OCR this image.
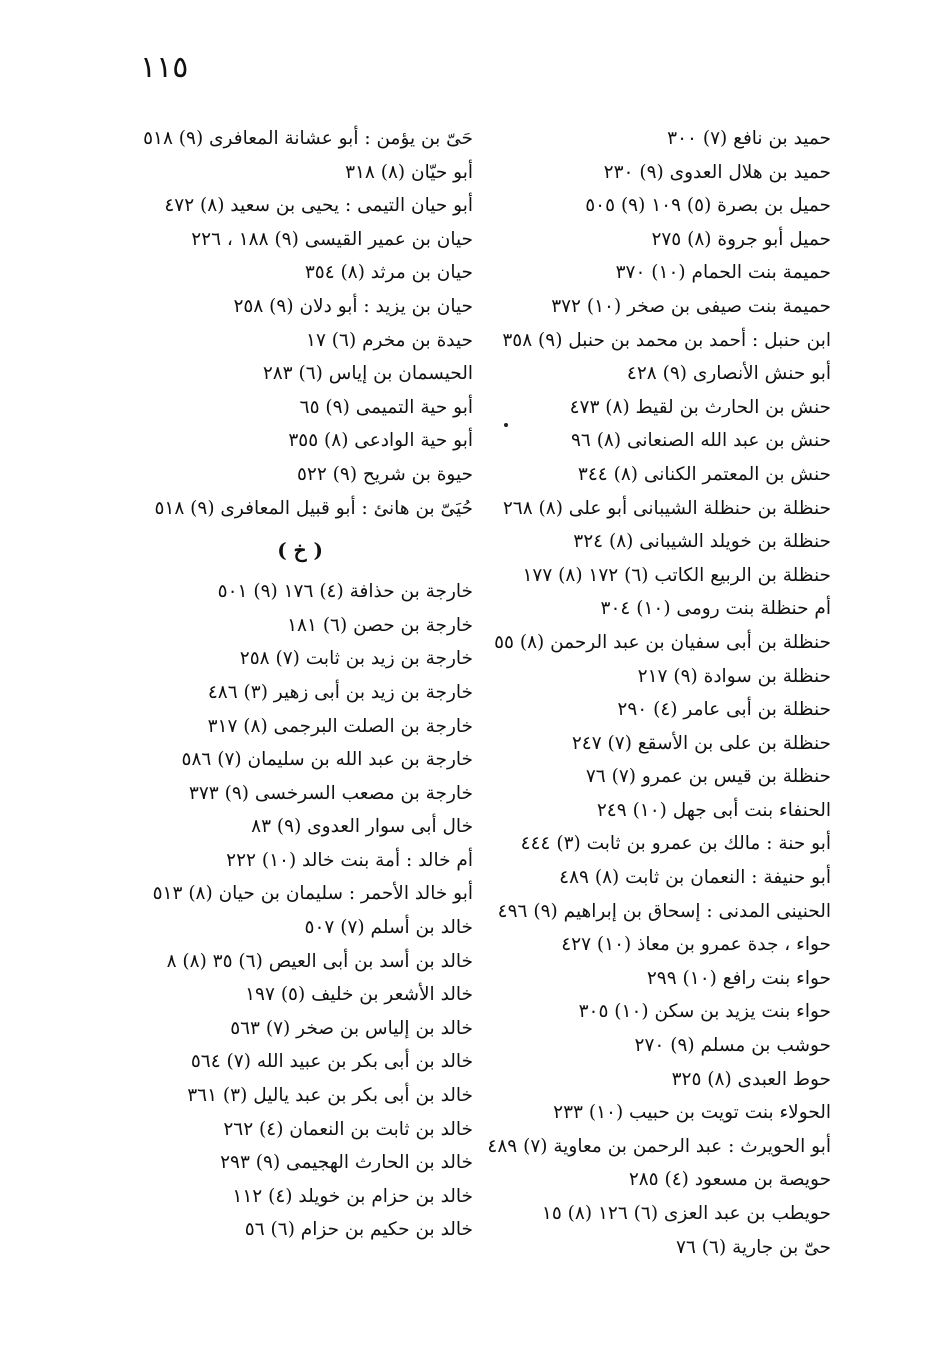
١١٥
حميد بن نافع (٧) ٣٠٠
حميد بن هلال العدوى (٩) ٢٣٠
حميل بن بصرة (٥) ١٠٩ (٩) ٥٠٥
حميل أبو جروة (٨) ٢٧٥
حميمة بنت الحمام (١٠) ٣٧٠
حميمة بنت صيفى بن صخر (١٠) ٣٧٢
ابن حنبل : أحمد بن محمد بن حنبل (٩) ٣٥٨
أبو حنش الأنصارى (٩) ٤٢٨
حنش بن الحارث بن لقيط (٨) ٤٧٣
حنش بن عبد الله الصنعانى (٨) ٩٦
حنش بن المعتمر الكنانى (٨) ٣٤٤
حنظلة بن حنظلة الشيبانى أبو على (٨) ٢٦٨
حنظلة بن خويلد الشيبانى (٨) ٣٢٤
حنظلة بن الربيع الكاتب (٦) ١٧٢ (٨) ١٧٧
أم حنظلة بنت رومى (١٠) ٣٠٤
حنظلة بن أبى سفيان بن عبد الرحمن (٨) ٥٥
حنظلة بن سوادة (٩) ٢١٧
حنظلة بن أبى عامر (٤) ٢٩٠
حنظلة بن على بن الأسقع (٧) ٢٤٧
حنظلة بن قيس بن عمرو (٧) ٧٦
الحنفاء بنت أبى جهل (١٠) ٢٤٩
أبو حنة : مالك بن عمرو بن ثابت (٣) ٤٤٤
أبو حنيفة : النعمان بن ثابت (٨) ٤٨٩
الحنينى المدنى : إسحاق بن إبراهيم (٩) ٤٩٦
حواء ، جدة عمرو بن معاذ (١٠) ٤٢٧
حواء بنت رافع (١٠) ٢٩٩
حواء بنت يزيد بن سكن (١٠) ٣٠٥
حوشب بن مسلم (٩) ٢٧٠
حوط العبدى (٨) ٣٢٥
الحولاء بنت تويت بن حبيب (١٠) ٢٣٣
أبو الحويرث : عبد الرحمن بن معاوية (٧) ٤٨٩
حويصة بن مسعود (٤) ٢٨٥
حويطب بن عبد العزى (٦) ١٢٦ (٨) ١٥
حىّ بن جارية (٦) ٧٦
حَىّ بن يؤمن : أبو عشانة المعافرى (٩) ٥١٨
أبو حيّان (٨) ٣١٨
أبو حيان التيمى : يحيى بن سعيد (٨) ٤٧٢
حيان بن عمير القيسى (٩) ١٨٨ ، ٢٢٦
حيان بن مرثد (٨) ٣٥٤
حيان بن يزيد : أبو دلان (٩) ٢٥٨
حيدة بن مخرم (٦) ١٧
الحيسمان بن إياس (٦) ٢٨٣
أبو حية التميمى (٩) ٦٥
أبو حية الوادعى (٨) ٣٥٥
حيوة بن شريح (٩) ٥٢٢
حُيَىّ بن هانئ : أبو قبيل المعافرى (٩) ٥١٨
( خ )
خارجة بن حذافة (٤) ١٧٦ (٩) ٥٠١
خارجة بن حصن (٦) ١٨١
خارجة بن زيد بن ثابت (٧) ٢٥٨
خارجة بن زيد بن أبى زهير (٣) ٤٨٦
خارجة بن الصلت البرجمى (٨) ٣١٧
خارجة بن عبد الله بن سليمان (٧) ٥٨٦
خارجة بن مصعب السرخسى (٩) ٣٧٣
خال أبى سوار العدوى (٩) ٨٣
أم خالد : أمة بنت خالد (١٠) ٢٢٢
أبو خالد الأحمر : سليمان بن حيان (٨) ٥١٣
خالد بن أسلم (٧) ٥٠٧
خالد بن أسد بن أبى العيص (٦) ٣٥ (٨) ٨
خالد الأشعر بن خليف (٥) ١٩٧
خالد بن إلياس بن صخر (٧) ٥٦٣
خالد بن أبى بكر بن عبيد الله (٧) ٥٦٤
خالد بن أبى بكر بن عبد ياليل (٣) ٣٦١
خالد بن ثابت بن النعمان (٤) ٢٦٢
خالد بن الحارث الهجيمى (٩) ٢٩٣
خالد بن حزام بن خويلد (٤) ١١٢
خالد بن حكيم بن حزام (٦) ٥٦
